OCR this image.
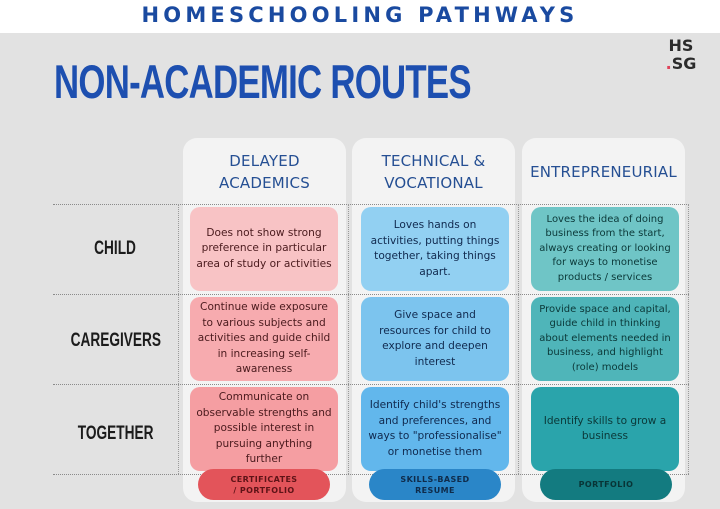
HOMESCHOOLING PATHWAYS
NON-ACADEMIC ROUTES
HS
.SG
DELAYED
ACADEMICS
TECHNICAL &
VOCATIONAL
ENTREPRENEURIAL
CHILD
CAREGIVERS
TOGETHER
Does not show strong preference in particular area of study or activities
Loves hands on activities, putting things together, taking things apart.
Loves the idea of doing business from the start, always creating or looking for ways to monetise products / services
Continue wide exposure to various subjects and activities and guide child in increasing self-awareness
Give space and resources for child to explore and deepen interest
Provide space and capital, guide child in thinking about elements needed in business, and highlight (role) models
Communicate on observable strengths and possible interest in pursuing anything further
Identify child's strengths and preferences, and ways to "professionalise" or monetise them
Identify skills to grow a business
CERTIFICATES
/ PORTFOLIO
SKILLS-BASED
RESUME
PORTFOLIO
